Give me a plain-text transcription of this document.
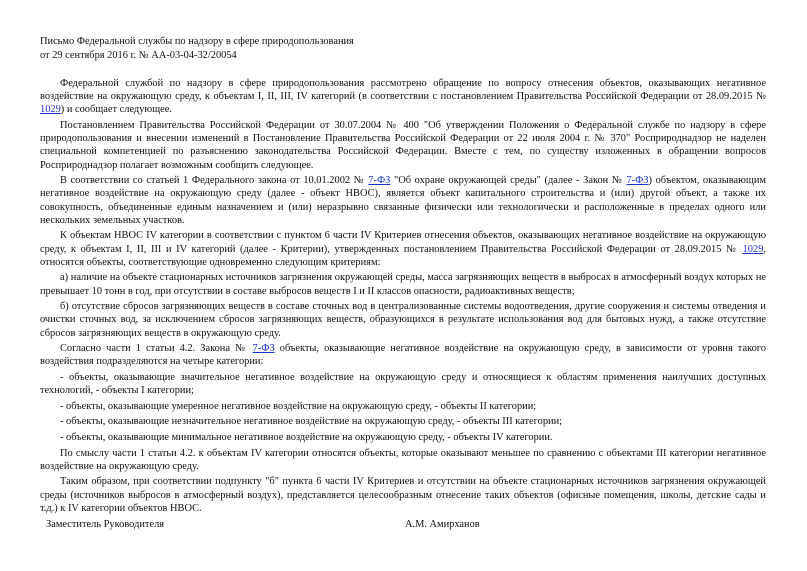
Письмо Федеральной службы по надзору в сфере природопользования
от 29 сентября 2016 г. № АА-03-04-32/20054

Федеральной службой по надзору в сфере природопользования рассмотрено обращение по вопросу отнесения объектов, оказывающих негативное воздействие на окружающую среду, к объектам I, II, III, IV категорий (в соответствии с постановлением Правительства Российской Федерации от 28.09.2015 № 1029) и сообщает следующее.

Постановлением Правительства Российской Федерации от 30.07.2004 № 400 "Об утверждении Положения о Федеральной службе по надзору в сфере природопользования и внесении изменений в Постановление Правительства Российской Федерации от 22 июля 2004 г. № 370" Росприроднадзор не наделен специальной компетенцией по разъяснению законодательства Российской Федерации. Вместе с тем, по существу изложенных в обращении вопросов Росприроднадзор полагает возможным сообщить следующее.

В соответствии со статьей 1 Федерального закона от 10.01.2002 № 7-ФЗ "Об охране окружающей среды" (далее - Закон № 7-ФЗ) объектом, оказывающим негативное воздействие на окружающую среду (далее - объект НВОС), является объект капитального строительства и (или) другой объект, а также их совокупность, объединенные единым назначением и (или) неразрывно связанные физически или технологически и расположенные в пределах одного или нескольких земельных участков.

К объектам НВОС IV категории в соответствии с пунктом 6 части IV Критериев отнесения объектов, оказывающих негативное воздействие на окружающую среду, к объектам I, II, III и IV категорий (далее - Критерии), утвержденных постановлением Правительства Российской Федерации от 28.09.2015 № 1029, относятся объекты, соответствующие одновременно следующим критериям:

а) наличие на объекте стационарных источников загрязнения окружающей среды, масса загрязняющих веществ в выбросах в атмосферный воздух которых не превышает 10 тонн в год, при отсутствии в составе выбросов веществ I и II классов опасности, радиоактивных веществ;

б) отсутствие сбросов загрязняющих веществ в составе сточных вод в централизованные системы водоотведения, другие сооружения и системы отведения и очистки сточных вод, за исключением сбросов загрязняющих веществ, образующихся в результате использования вод для бытовых нужд, а также отсутствие сбросов загрязняющих веществ в окружающую среду.

Согласно части 1 статьи 4.2. Закона № 7-ФЗ объекты, оказывающие негативное воздействие на окружающую среду, в зависимости от уровня такого воздействия подразделяются на четыре категории:

- объекты, оказывающие значительное негативное воздействие на окружающую среду и относящиеся к областям применения наилучших доступных технологий, - объекты I категории;

- объекты, оказывающие умеренное негативное воздействие на окружающую среду, - объекты II категории;

- объекты, оказывающие незначительное негативное воздействие на окружающую среду, - объекты III категории;

- объекты, оказывающие минимальное негативное воздействие на окружающую среду, - объекты IV категории.

По смыслу части 1 статьи 4.2. к объектам IV категории относятся объекты, которые оказывают меньшее по сравнению с объектами III категории негативное воздействие на окружающую среду.

Таким образом, при соответствии подпункту "б" пункта 6 части IV Критериев и отсутствии на объекте стационарных источников загрязнения окружающей среды (источников выбросов в атмосферный воздух), представляется целесообразным отнесение таких объектов (офисные помещения, школы, детские сады и т.д.) к IV категории объектов НВОС.

Заместитель Руководителя	А.М. Амирханов
